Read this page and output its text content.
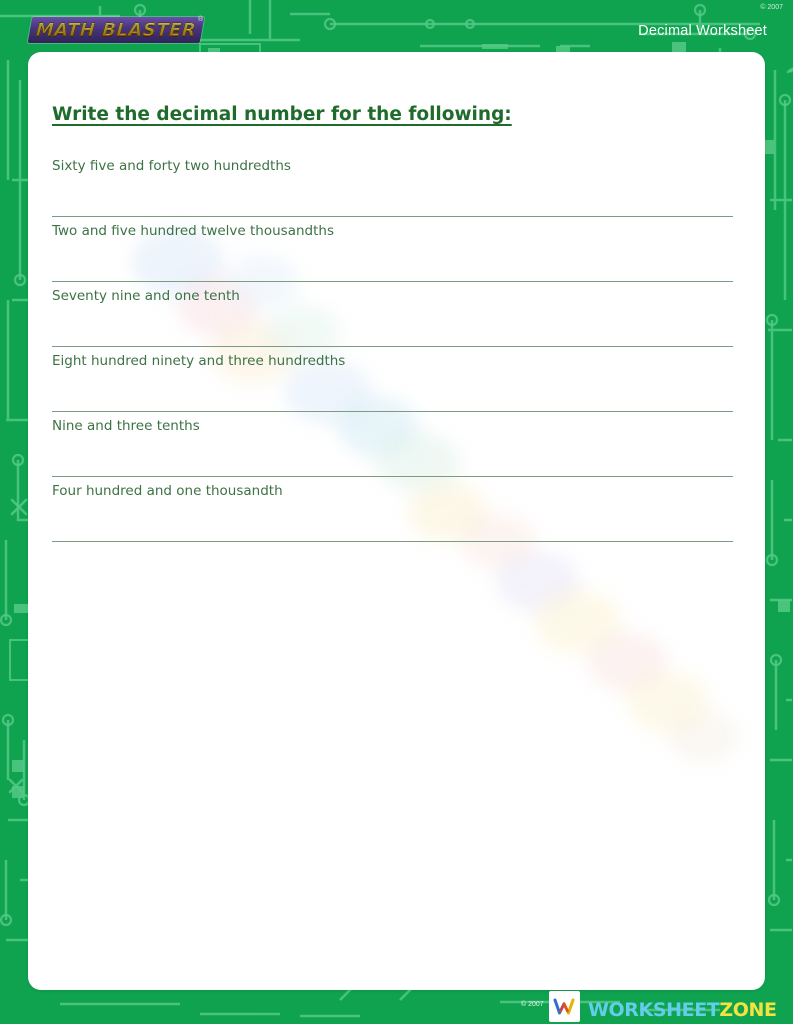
MATH BLASTER ®
Decimal Worksheet
Write the decimal number for the following:
Sixty five and forty two hundredths
Two and five hundred twelve thousandths
Seventy nine and one tenth
Eight hundred ninety and three hundredths
Nine and three tenths
Four hundred and one thousandth
© 2007 WORKSHEETZONE
© 2007
